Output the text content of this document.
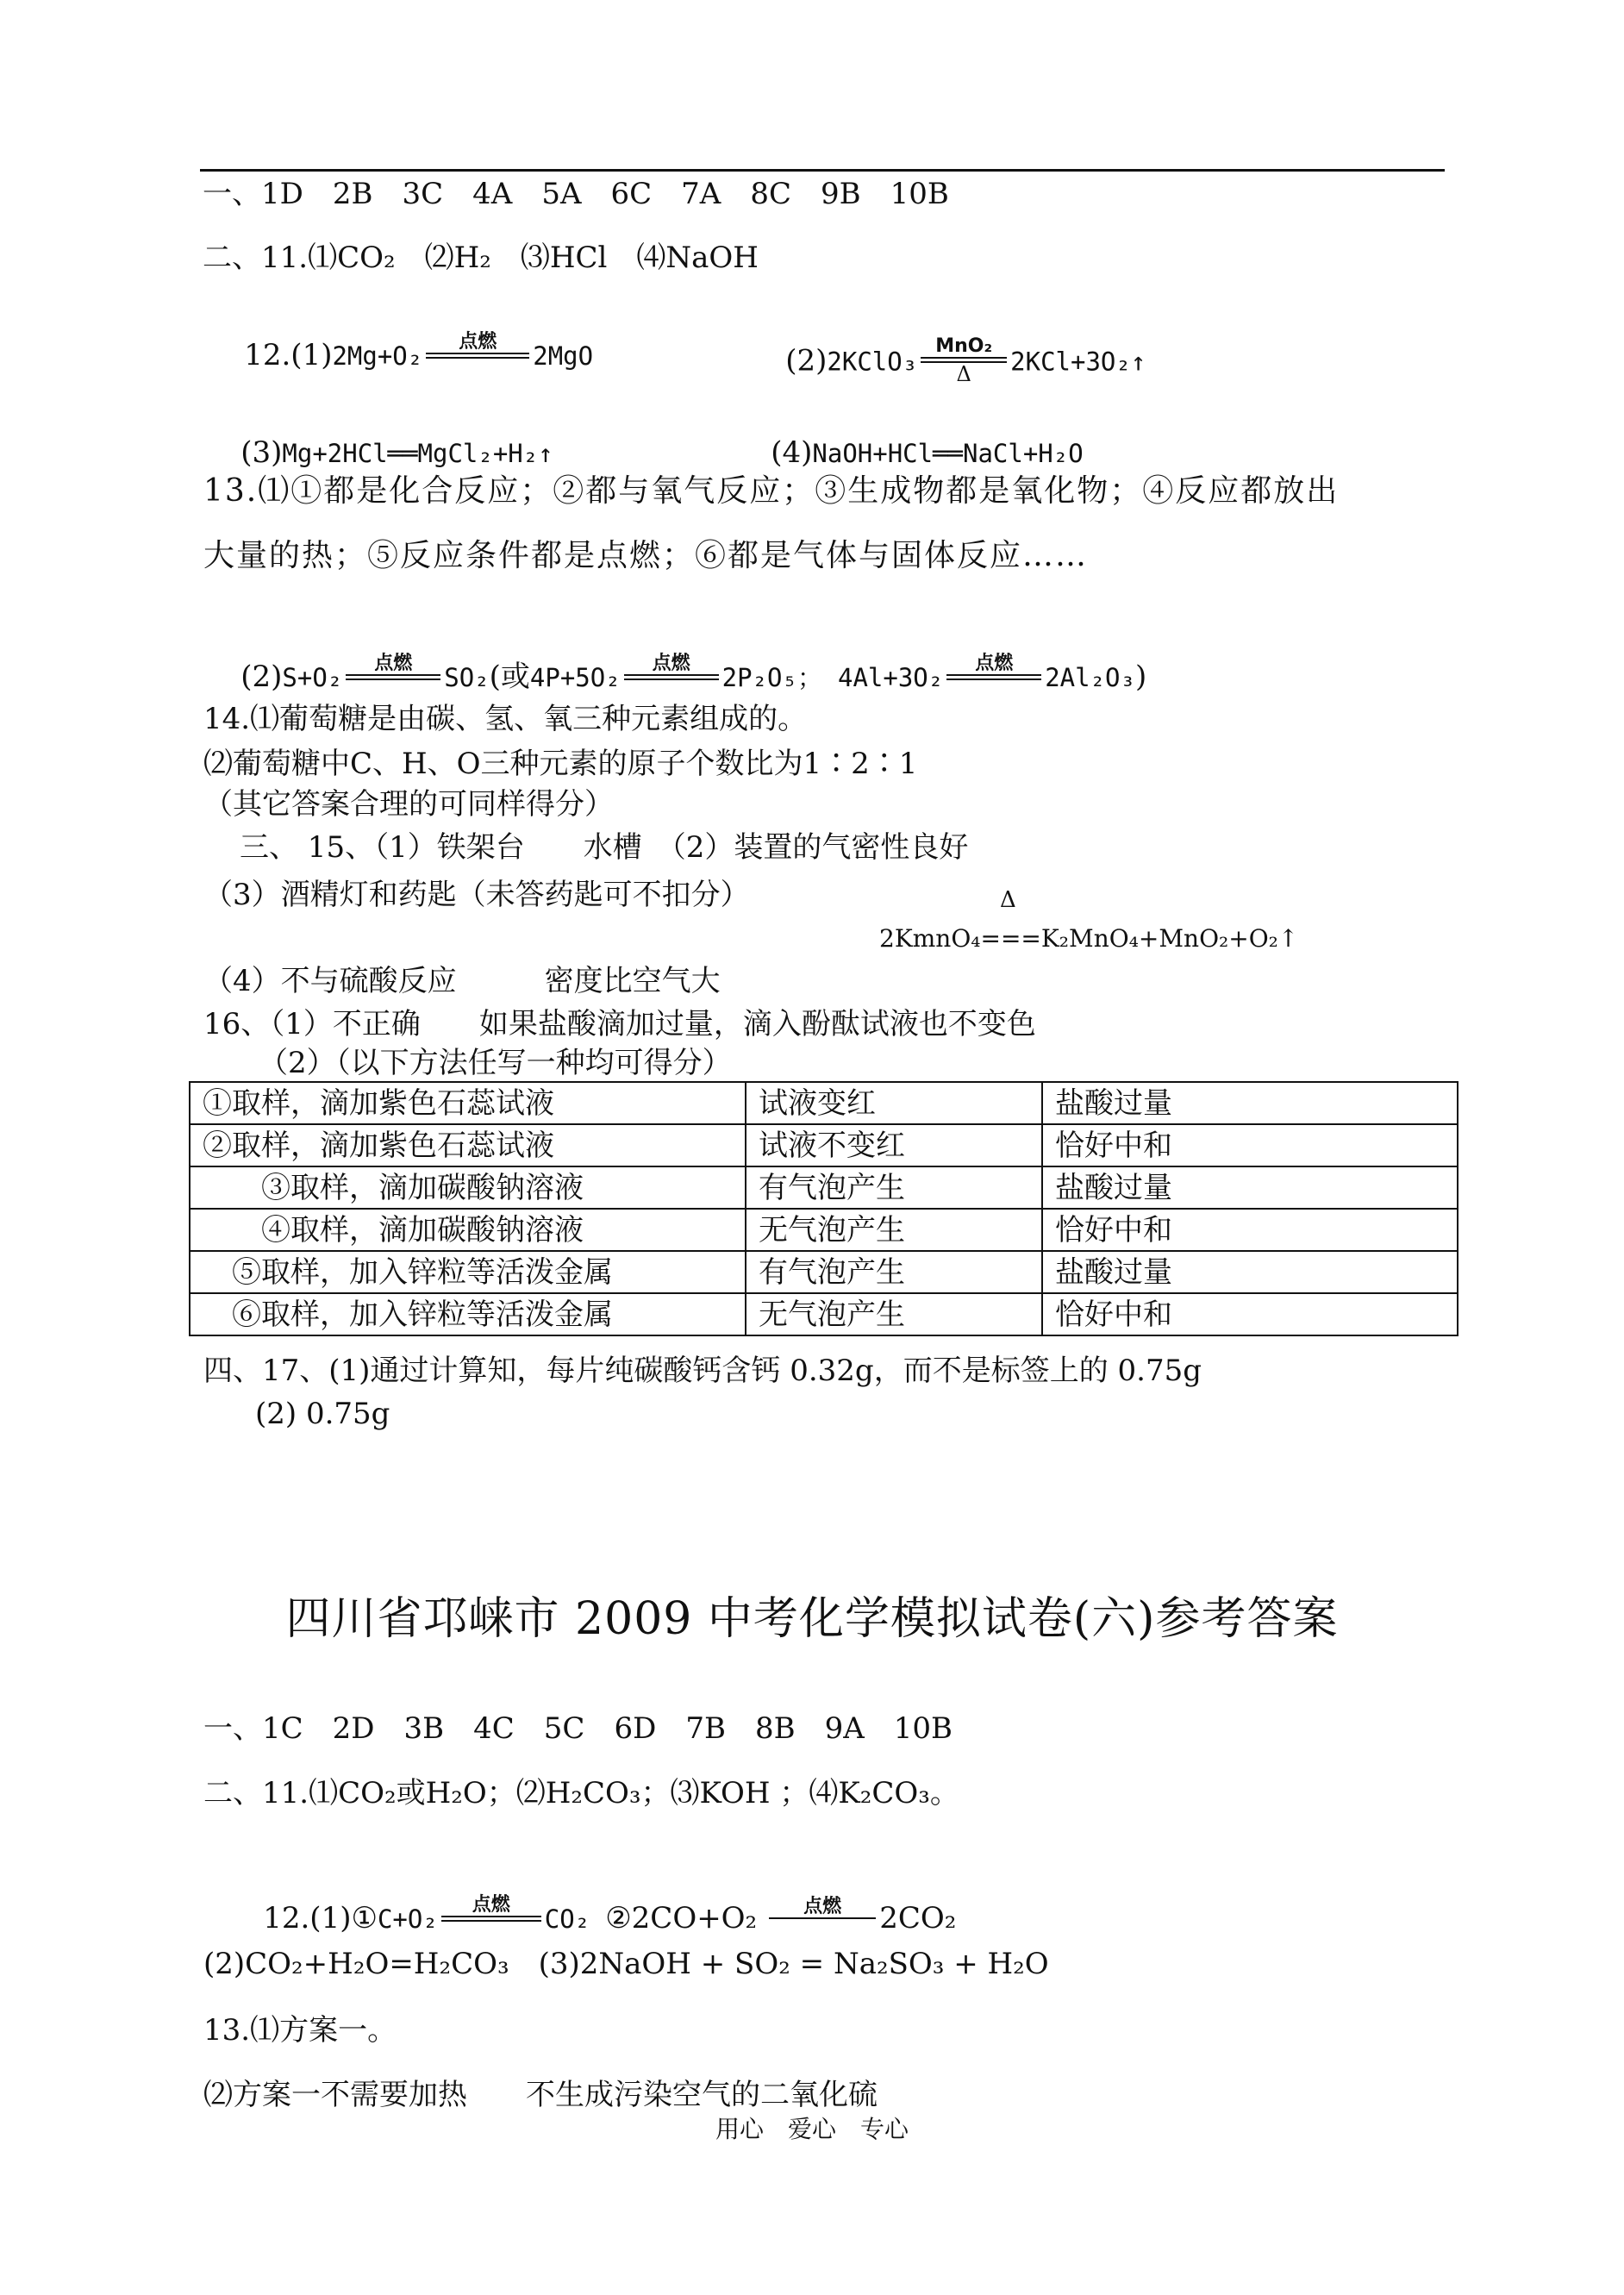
一、1D　2B　3C　4A　5A　6C　7A　8C　9B　10B
二、11.⑴CO₂　⑵H₂　⑶HCl　⑷NaOH

12.(1)2Mg+O₂	点燃	2MgO
	(2)2KClO₃
MnO₂
Δ	2KCl+3O₂↑

(3)Mg+2HCl══MgCl₂+H₂↑
	(4)NaOH+HCl══NaCl+H₂O

13.⑴①都是化合反应；②都与氧气反应；③生成物都是氧化物；④反应都放出
大量的热；⑤反应条件都是点燃；⑥都是气体与固体反应……

(2)S+O₂	点燃	SO₂(或4P+5O₂	点燃	2P₂O₅； 4Al+3O₂	点燃	2Al₂O₃)

14.⑴葡萄糖是由碳、氢、氧三种元素组成的。
⑵葡萄糖中C、H、O三种元素的原子个数比为1∶2∶1
（其它答案合理的可同样得分）
三、 15、（1）铁架台　　水槽　（2）装置的气密性良好
（3）酒精灯和药匙（未答药匙可不扣分）	Δ
2KmnO₄===K₂MnO₄+MnO₂+O₂↑
（4）不与硫酸反应　　　密度比空气大
16、（1）不正确　　如果盐酸滴加过量，滴入酚酞试液也不变色
（2）（以下方法任写一种均可得分）
①取样，滴加紫色石蕊试液	试液变红	盐酸过量
②取样，滴加紫色石蕊试液	试液不变红	恰好中和
　　③取样，滴加碳酸钠溶液	有气泡产生	盐酸过量
　　④取样，滴加碳酸钠溶液	无气泡产生	恰好中和
　⑤取样，加入锌粒等活泼金属	有气泡产生	盐酸过量
　⑥取样，加入锌粒等活泼金属	无气泡产生	恰好中和
四、17、(1)通过计算知，每片纯碳酸钙含钙 0.32g，而不是标签上的 0.75g
(2) 0.75g
四川省邛崃市 2009 中考化学模拟试卷(六)参考答案
一、1C　2D　3B　4C　5C　6D　7B　8B　9A　10B
二、11.⑴CO₂或H₂O；⑵H₂CO₃；⑶KOH ；⑷K₂CO₃。

12.(1)①C+O₂	点燃	CO₂ ②2CO+O₂	点燃	2CO₂

(2)CO₂+H₂O=H₂CO₃　(3)2NaOH + SO₂ = Na₂SO₃ + H₂O
13.⑴方案一。
⑵方案一不需要加热　　不生成污染空气的二氧化硫
用心　爱心　专心
